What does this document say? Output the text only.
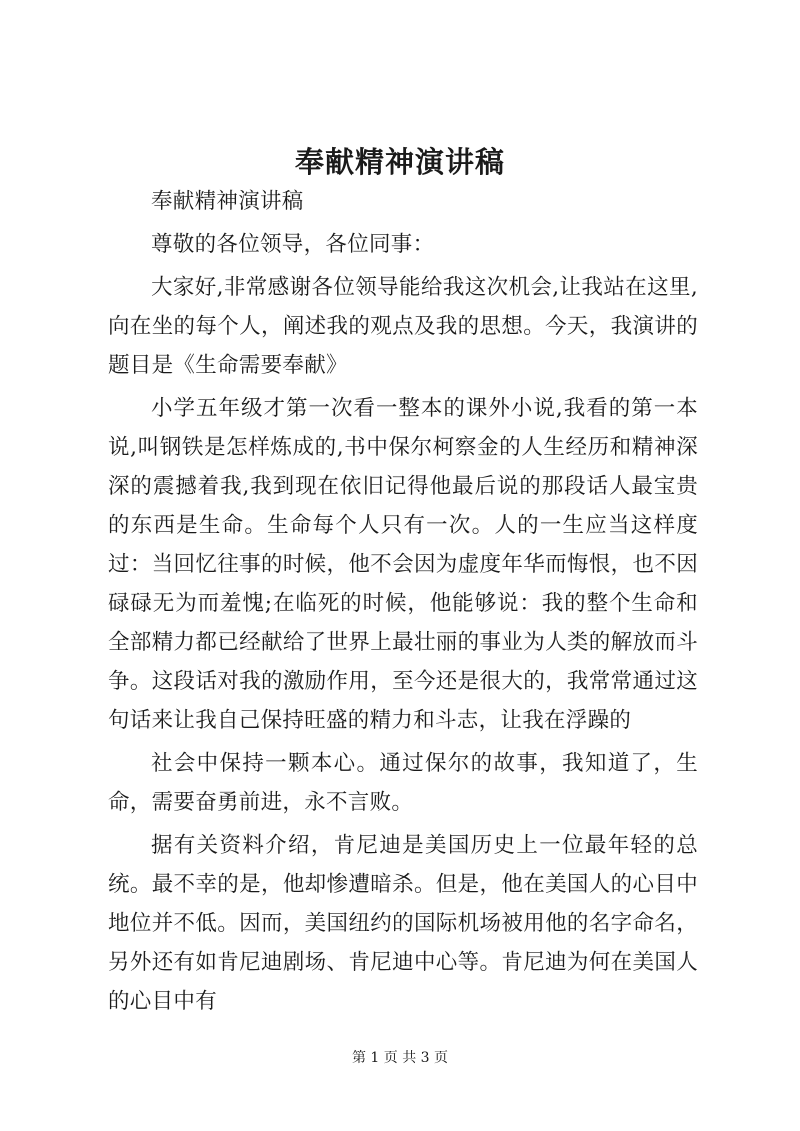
奉献精神演讲稿

奉献精神演讲稿

尊敬的各位领导，各位同事：

大家好,非常感谢各位领导能给我这次机会,让我站在这里,向在坐的每个人，阐述我的观点及我的思想。今天，我演讲的题目是《生命需要奉献》

小学五年级才第一次看一整本的课外小说,我看的第一本说,叫钢铁是怎样炼成的,书中保尔柯察金的人生经历和精神深深的震撼着我,我到现在依旧记得他最后说的那段话人最宝贵的东西是生命。生命每个人只有一次。人的一生应当这样度过：当回忆往事的时候，他不会因为虚度年华而悔恨，也不因碌碌无为而羞愧;在临死的时候，他能够说：我的整个生命和全部精力都已经献给了世界上最壮丽的事业为人类的解放而斗争。这段话对我的激励作用，至今还是很大的，我常常通过这句话来让我自己保持旺盛的精力和斗志，让我在浮躁的

社会中保持一颗本心。通过保尔的故事，我知道了，生命，需要奋勇前进，永不言败。

据有关资料介绍，肯尼迪是美国历史上一位最年轻的总统。最不幸的是，他却惨遭暗杀。但是，他在美国人的心目中地位并不低。因而，美国纽约的国际机场被用他的名字命名，另外还有如肯尼迪剧场、肯尼迪中心等。肯尼迪为何在美国人的心目中有

第 1 页 共 3 页
